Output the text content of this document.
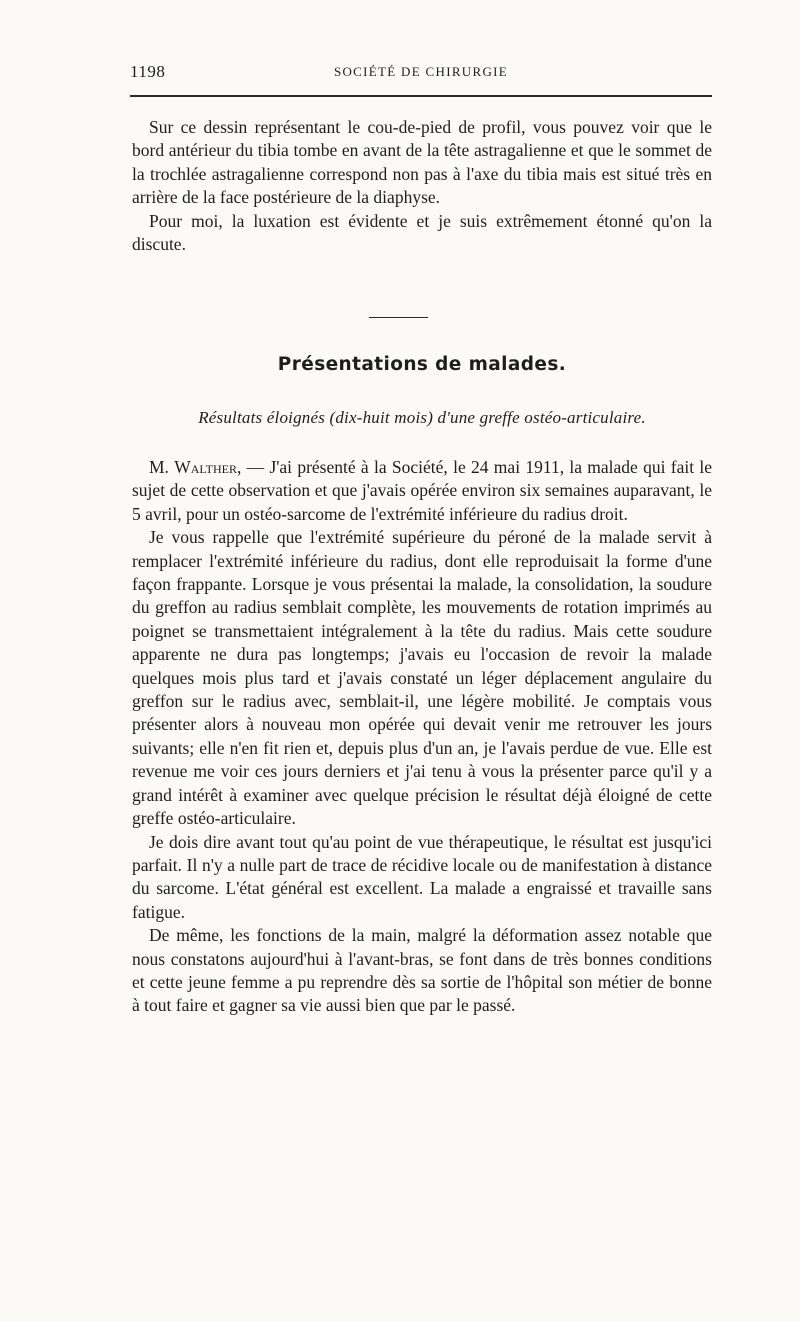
1198	SOCIÉTÉ DE CHIRURGIE

Sur ce dessin représentant le cou-de-pied de profil, vous pouvez voir que le bord antérieur du tibia tombe en avant de la tête astragalienne et que le sommet de la trochlée astragalienne correspond non pas à l'axe du tibia mais est situé très en arrière de la face postérieure de la diaphyse.

Pour moi, la luxation est évidente et je suis extrêmement étonné qu'on la discute.

Présentations de malades.
Résultats éloignés (dix-huit mois) d'une greffe ostéo-articulaire.

M. Walther, — J'ai présenté à la Société, le 24 mai 1911, la malade qui fait le sujet de cette observation et que j'avais opérée environ six semaines auparavant, le 5 avril, pour un ostéo-sarcome de l'extrémité inférieure du radius droit.

Je vous rappelle que l'extrémité supérieure du péroné de la malade servit à remplacer l'extrémité inférieure du radius, dont elle reproduisait la forme d'une façon frappante. Lorsque je vous présentai la malade, la consolidation, la soudure du greffon au radius semblait complète, les mouvements de rotation imprimés au poignet se transmettaient intégralement à la tête du radius. Mais cette soudure apparente ne dura pas longtemps; j'avais eu l'occasion de revoir la malade quelques mois plus tard et j'avais constaté un léger déplacement angulaire du greffon sur le radius avec, semblait-il, une légère mobilité. Je comptais vous présenter alors à nouveau mon opérée qui devait venir me retrouver les jours suivants; elle n'en fit rien et, depuis plus d'un an, je l'avais perdue de vue. Elle est revenue me voir ces jours derniers et j'ai tenu à vous la présenter parce qu'il y a grand intérêt à examiner avec quelque précision le résultat déjà éloigné de cette greffe ostéo-articulaire.

Je dois dire avant tout qu'au point de vue thérapeutique, le résultat est jusqu'ici parfait. Il n'y a nulle part de trace de récidive locale ou de manifestation à distance du sarcome. L'état général est excellent. La malade a engraissé et travaille sans fatigue.

De même, les fonctions de la main, malgré la déformation assez notable que nous constatons aujourd'hui à l'avant-bras, se font dans de très bonnes conditions et cette jeune femme a pu reprendre dès sa sortie de l'hôpital son métier de bonne à tout faire et gagner sa vie aussi bien que par le passé.
